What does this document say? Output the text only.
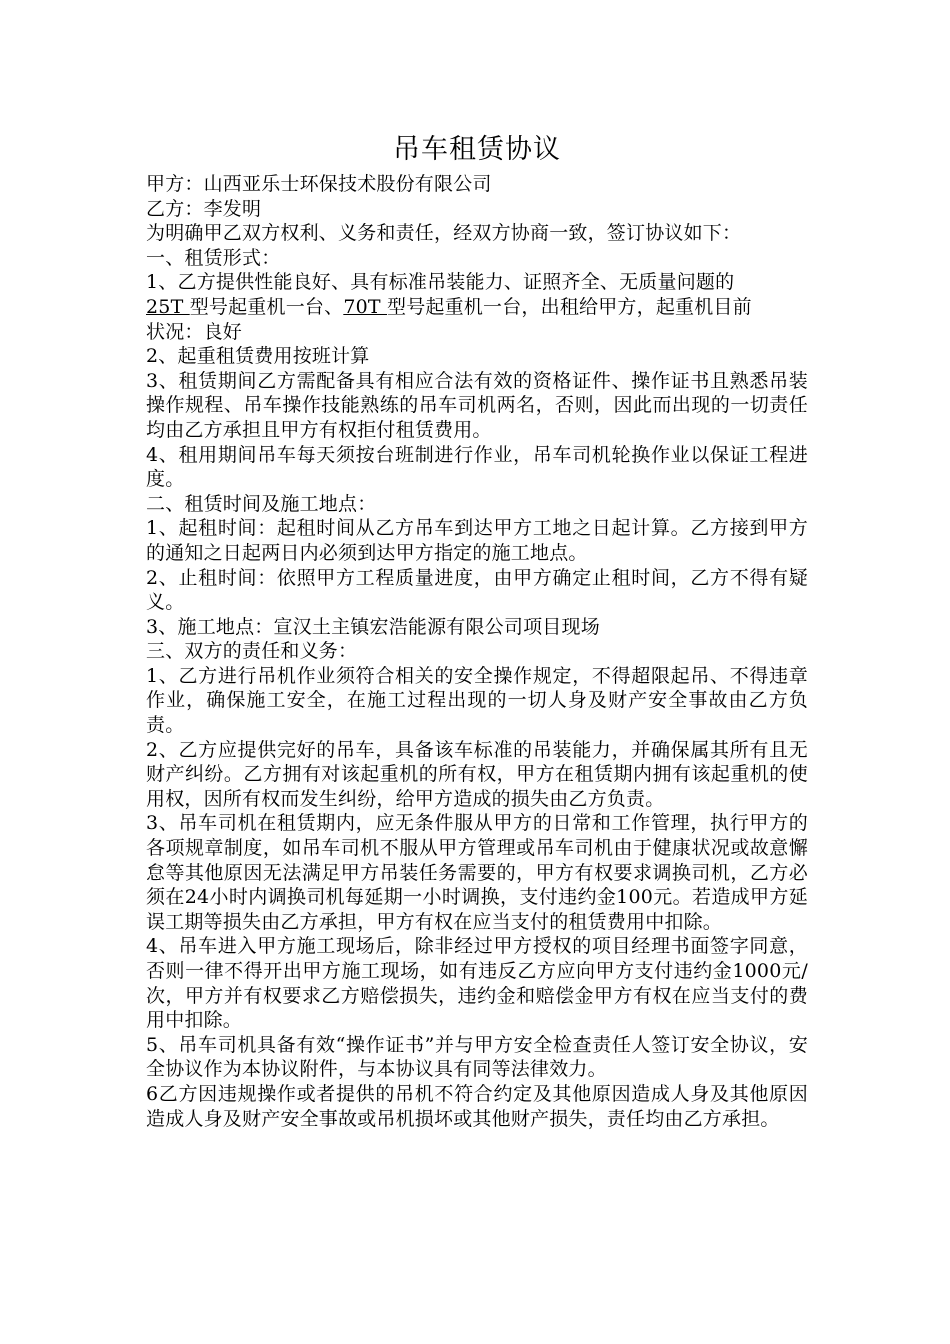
吊车租赁协议

甲方：山西亚乐士环保技术股份有限公司

乙方：李发明

为明确甲乙双方权利、义务和责任，经双方协商一致，签订协议如下：

一、租赁形式：

1、乙方提供性能良好、具有标准吊装能力、证照齐全、无质量问题的
25T 型号起重机一台、70T 型号起重机一台，出租给甲方，起重机目前
状况：良好

2、起重租赁费用按班计算

3、租赁期间乙方需配备具有相应合法有效的资格证件、操作证书且熟悉吊装操作规程、吊车操作技能熟练的吊车司机两名，否则，因此而出现的一切责任均由乙方承担且甲方有权拒付租赁费用。

4、租用期间吊车每天须按台班制进行作业，吊车司机轮换作业以保证工程进度。

二、租赁时间及施工地点：

1、起租时间：起租时间从乙方吊车到达甲方工地之日起计算。乙方接到甲方的通知之日起两日内必须到达甲方指定的施工地点。

2、止租时间：依照甲方工程质量进度，由甲方确定止租时间，乙方不得有疑义。

3、施工地点：宣汉土主镇宏浩能源有限公司项目现场

三、双方的责任和义务：

1、乙方进行吊机作业须符合相关的安全操作规定，不得超限起吊、不得违章作业，确保施工安全，在施工过程出现的一切人身及财产安全事故由乙方负责。

2、乙方应提供完好的吊车，具备该车标准的吊装能力，并确保属其所有且无财产纠纷。乙方拥有对该起重机的所有权，甲方在租赁期内拥有该起重机的使用权，因所有权而发生纠纷，给甲方造成的损失由乙方负责。

3、吊车司机在租赁期内，应无条件服从甲方的日常和工作管理，执行甲方的各项规章制度，如吊车司机不服从甲方管理或吊车司机由于健康状况或故意懈怠等其他原因无法满足甲方吊装任务需要的，甲方有权要求调换司机，乙方必须在24小时内调换司机每延期一小时调换，支付违约金100元。若造成甲方延误工期等损失由乙方承担，甲方有权在应当支付的租赁费用中扣除。

4、吊车进入甲方施工现场后，除非经过甲方授权的项目经理书面签字同意，否则一律不得开出甲方施工现场，如有违反乙方应向甲方支付违约金1000元/次，甲方并有权要求乙方赔偿损失，违约金和赔偿金甲方有权在应当支付的费用中扣除。

5、吊车司机具备有效“操作证书”并与甲方安全检查责任人签订安全协议，安全协议作为本协议附件，与本协议具有同等法律效力。

6乙方因违规操作或者提供的吊机不符合约定及其他原因造成人身及其他原因造成人身及财产安全事故或吊机损坏或其他财产损失，责任均由乙方承担。
